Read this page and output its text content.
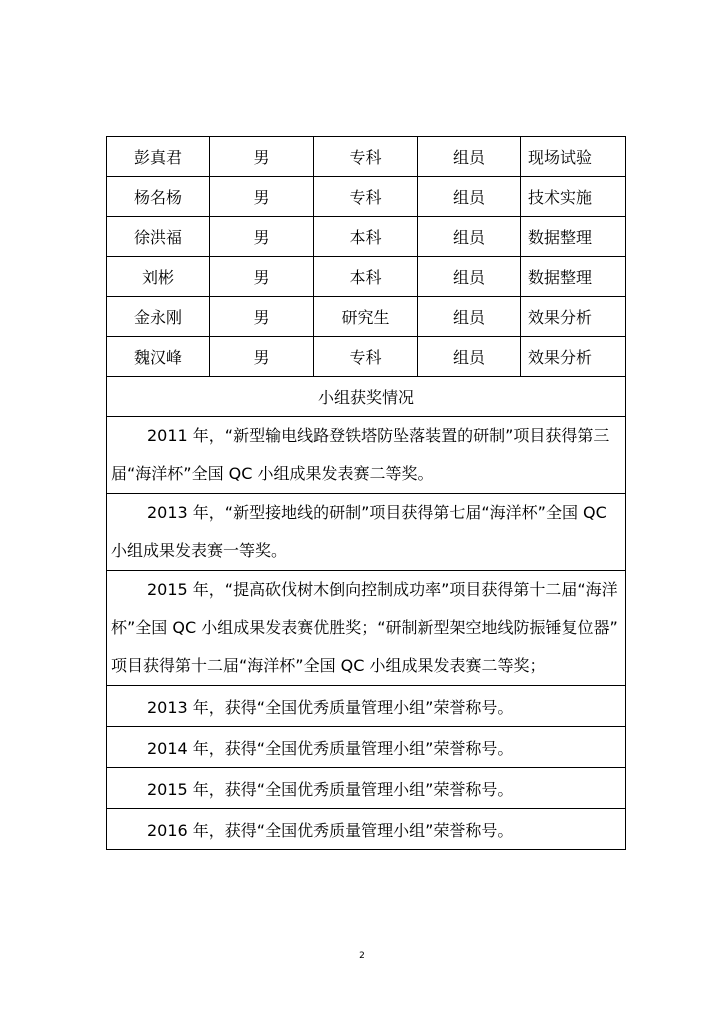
彭真君	男	专科	组员	现场试验
杨名杨	男	专科	组员	技术实施
徐洪福	男	本科	组员	数据整理
刘彬	男	本科	组员	数据整理
金永刚	男	研究生	组员	效果分析
魏汉峰	男	专科	组员	效果分析
小组获奖情况				
2011 年，“新型输电线路登铁塔防坠落装置的研制”项目获得第三届“海洋杯”全国 QC 小组成果发表赛二等奖。				
2013 年，“新型接地线的研制”项目获得第七届“海洋杯”全国 QC 小组成果发表赛一等奖。				
2015 年，“提高砍伐树木倒向控制成功率”项目获得第十二届“海洋杯”全国 QC 小组成果发表赛优胜奖；“研制新型架空地线防振锤复位器” 项目获得第十二届“海洋杯”全国 QC 小组成果发表赛二等奖；				
2013 年，获得“全国优秀质量管理小组”荣誉称号。				
2014 年，获得“全国优秀质量管理小组”荣誉称号。				
2015 年，获得“全国优秀质量管理小组”荣誉称号。				
2016 年，获得“全国优秀质量管理小组”荣誉称号。				
2
